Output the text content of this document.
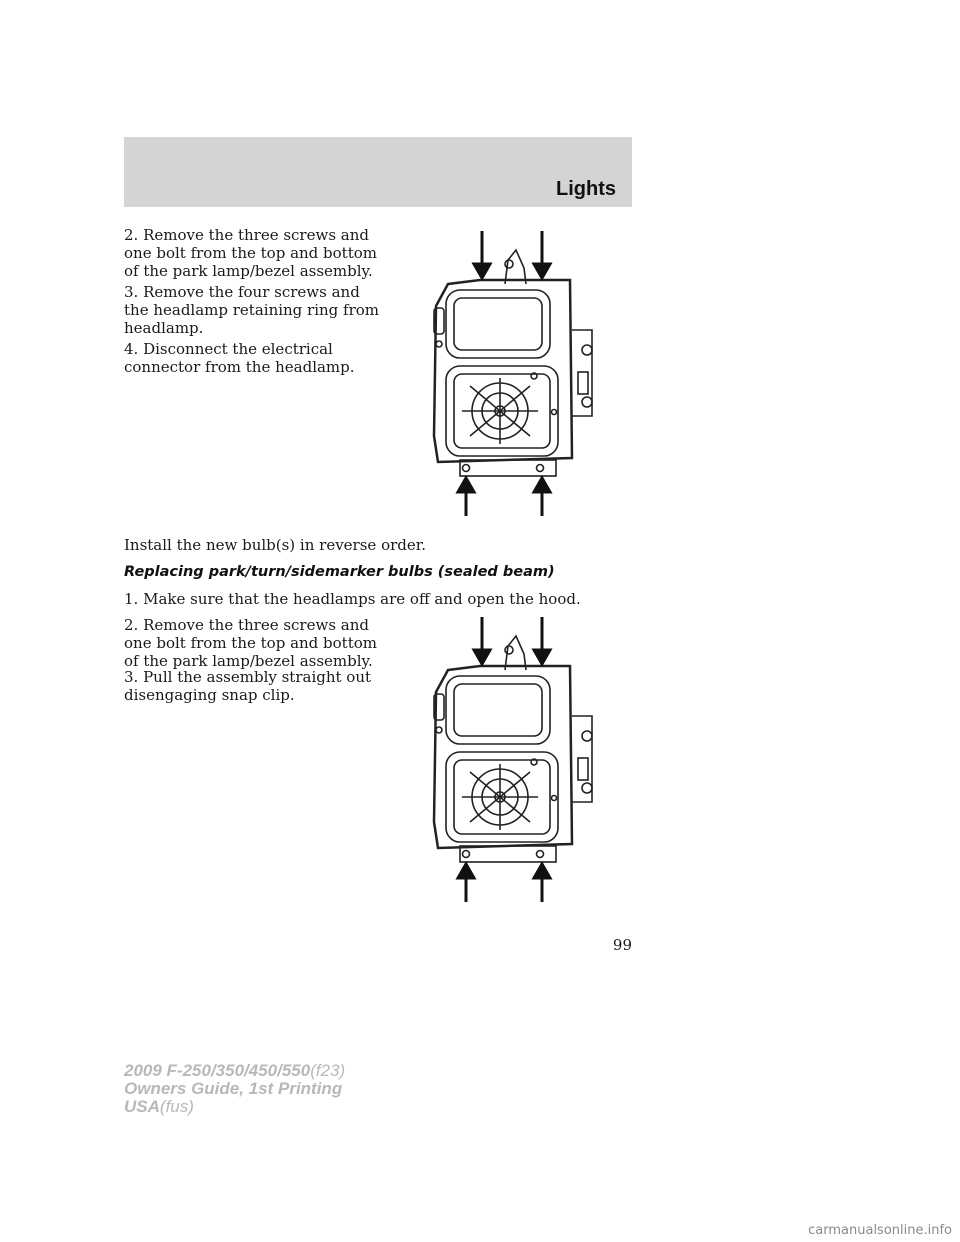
Lights

2. Remove the three screws and one bolt from the top and bottom of the park lamp/bezel assembly.

3. Remove the four screws and the headlamp retaining ring from headlamp.

4. Disconnect the electrical connector from the headlamp.

Install the new bulb(s) in reverse order.

Replacing park/turn/sidemarker bulbs (sealed beam)

1. Make sure that the headlamps are off and open the hood.

2. Remove the three screws and one bolt from the top and bottom of the park lamp/bezel assembly.

3. Pull the assembly straight out disengaging snap clip.

99
2009 F-250/350/450/550(f23)
Owners Guide, 1st Printing
USA(fus)
carmanualsonline.info
